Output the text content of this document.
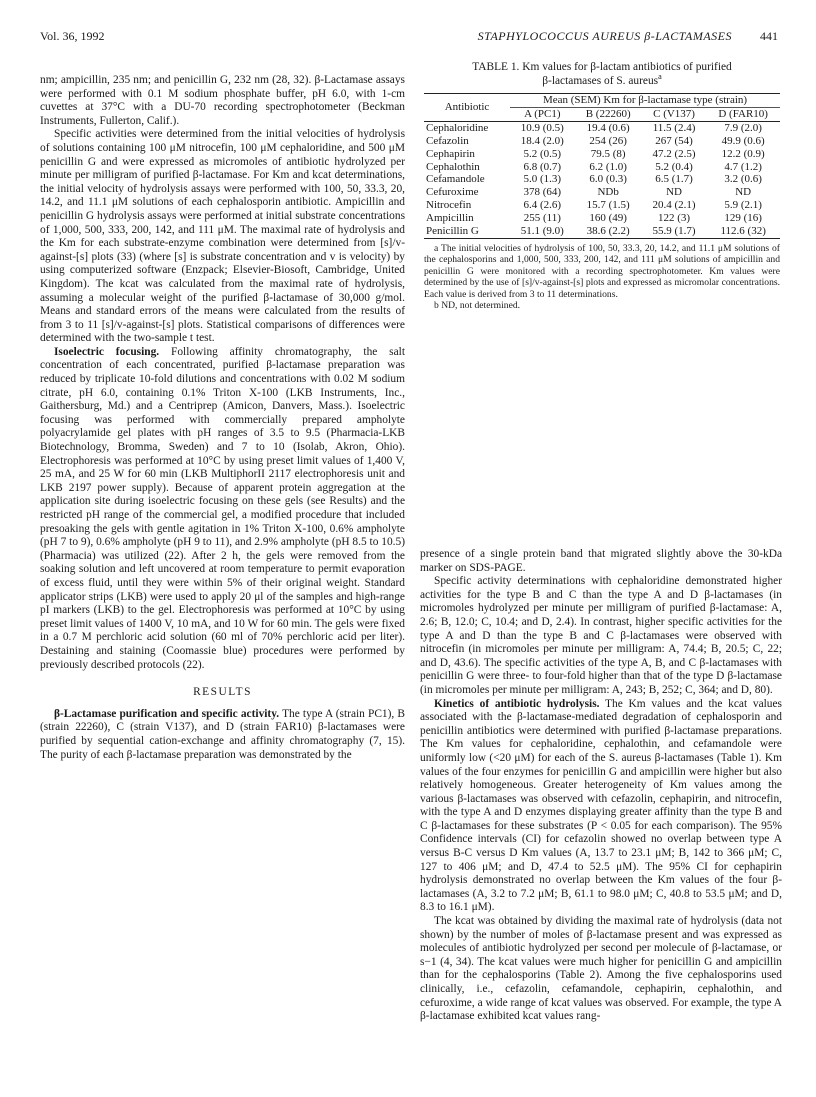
Vol. 36, 1992	STAPHYLOCOCCUS AUREUS β-LACTAMASES 441

nm; ampicillin, 235 nm; and penicillin G, 232 nm (28, 32). β-Lactamase assays were performed with 0.1 M sodium phosphate buffer, pH 6.0, with 1-cm cuvettes at 37°C with a DU-70 recording spectrophotometer (Beckman Instruments, Fullerton, Calif.).

Specific activities were determined from the initial velocities of hydrolysis of solutions containing 100 μM nitrocefin, 100 μM cephaloridine, and 500 μM penicillin G and were expressed as micromoles of antibiotic hydrolyzed per minute per milligram of purified β-lactamase. For Km and kcat determinations, the initial velocity of hydrolysis assays were performed with 100, 50, 33.3, 20, 14.2, and 11.1 μM solutions of each cephalosporin antibiotic. Ampicillin and penicillin G hydrolysis assays were performed at initial substrate concentrations of 1,000, 500, 333, 200, 142, and 111 μM. The maximal rate of hydrolysis and the Km for each substrate-enzyme combination were determined from [s]/v-against-[s] plots (33) (where [s] is substrate concentration and v is velocity) by using computerized software (Enzpack; Elsevier-Biosoft, Cambridge, United Kingdom). The kcat was calculated from the maximal rate of hydrolysis, assuming a molecular weight of the purified β-lactamase of 30,000 g/mol. Means and standard errors of the means were calculated from the results of from 3 to 11 [s]/v-against-[s] plots. Statistical comparisons of differences were determined with the two-sample t test.

Isoelectric focusing. Following affinity chromatography, the salt concentration of each concentrated, purified β-lactamase preparation was reduced by triplicate 10-fold dilutions and concentrations with 0.02 M sodium citrate, pH 6.0, containing 0.1% Triton X-100 (LKB Instruments, Inc., Gaithersburg, Md.) and a Centriprep (Amicon, Danvers, Mass.). Isoelectric focusing was performed with commercially prepared ampholyte polyacrylamide gel plates with pH ranges of 3.5 to 9.5 (Pharmacia-LKB Biotechnology, Bromma, Sweden) and 7 to 10 (Isolab, Akron, Ohio). Electrophoresis was performed at 10°C by using preset limit values of 1,400 V, 25 mA, and 25 W for 60 min (LKB MultiphorII 2117 electrophoresis unit and LKB 2197 power supply). Because of apparent protein aggregation at the application site during isoelectric focusing on these gels (see Results) and the restricted pH range of the commercial gel, a modified procedure that included presoaking the gels with gentle agitation in 1% Triton X-100, 0.6% ampholyte (pH 7 to 9), 0.6% ampholyte (pH 9 to 11), and 2.9% ampholyte (pH 8.5 to 10.5) (Pharmacia) was utilized (22). After 2 h, the gels were removed from the soaking solution and left uncovered at room temperature to permit evaporation of excess fluid, until they were within 5% of their original weight. Standard applicator strips (LKB) were used to apply 20 μl of the samples and high-range pI markers (LKB) to the gel. Electrophoresis was performed at 10°C by using preset limit values of 1400 V, 10 mA, and 10 W for 60 min. The gels were fixed in a 0.7 M perchloric acid solution (60 ml of 70% perchloric acid per liter). Destaining and staining (Coomassie blue) procedures were performed by previously described protocols (22).

RESULTS

β-Lactamase purification and specific activity. The type A (strain PC1), B (strain 22260), C (strain V137), and D (strain FAR10) β-lactamases were purified by sequential cation-exchange and affinity chromatography (7, 15). The purity of each β-lactamase preparation was demonstrated by the

TABLE 1. Km values for β-lactam antibiotics of purified
β-lactamases of S. aureus$^a$
Antibiotic	Mean (SEM) Km for β-lactamase type (strain)			
	A (PC1)	B (22260)	C (V137)	D (FAR10)
Cephaloridine	10.9 (0.5)	19.4 (0.6)	11.5 (2.4)	7.9 (2.0)
Cefazolin	18.4 (2.0)	254 (26)	267 (54)	49.9 (0.6)
Cephapirin	5.2 (0.5)	79.5 (8)	47.2 (2.5)	12.2 (0.9)
Cephalothin	6.8 (0.7)	6.2 (1.0)	5.2 (0.4)	4.7 (1.2)
Cefamandole	5.0 (1.3)	6.0 (0.3)	6.5 (1.7)	3.2 (0.6)
Cefuroxime	378 (64)	NDb	ND	ND
Nitrocefin	6.4 (2.6)	15.7 (1.5)	20.4 (2.1)	5.9 (2.1)
Ampicillin	255 (11)	160 (49)	122 (3)	129 (16)
Penicillin G	51.1 (9.0)	38.6 (2.2)	55.9 (1.7)	112.6 (32)

a The initial velocities of hydrolysis of 100, 50, 33.3, 20, 14.2, and 11.1 μM solutions of the cephalosporins and 1,000, 500, 333, 200, 142, and 111 μM solutions of ampicillin and penicillin G were monitored with a recording spectrophotometer. Km values were determined by the use of [s]/v-against-[s] plots and expressed as micromolar concentrations. Each value is derived from 3 to 11 determinations.

b ND, not determined.

presence of a single protein band that migrated slightly above the 30-kDa marker on SDS-PAGE.

Specific activity determinations with cephaloridine demonstrated higher activities for the type B and C than the type A and D β-lactamases (in micromoles hydrolyzed per minute per milligram of purified β-lactamase: A, 2.6; B, 12.0; C, 10.4; and D, 2.4). In contrast, higher specific activities for the type A and D than the type B and C β-lactamases were observed with nitrocefin (in micromoles per minute per milligram: A, 74.4; B, 20.5; C, 22; and D, 43.6). The specific activities of the type A, B, and C β-lactamases with penicillin G were three- to four-fold higher than that of the type D β-lactamase (in micromoles per minute per milligram: A, 243; B, 252; C, 364; and D, 80).

Kinetics of antibiotic hydrolysis. The Km values and the kcat values associated with the β-lactamase-mediated degradation of cephalosporin and penicillin antibiotics were determined with purified β-lactamase preparations. The Km values for cephaloridine, cephalothin, and cefamandole were uniformly low (<20 μM) for each of the S. aureus β-lactamases (Table 1). Km values of the four enzymes for penicillin G and ampicillin were higher but also relatively homogeneous. Greater heterogeneity of Km values among the various β-lactamases was observed with cefazolin, cephapirin, and nitrocefin, with the type A and D enzymes displaying greater affinity than the type B and C β-lactamases for these substrates (P < 0.05 for each comparison). The 95% Confidence intervals (CI) for cefazolin showed no overlap between type A versus B-C versus D Km values (A, 13.7 to 23.1 μM; B, 142 to 366 μM; C, 127 to 406 μM; and D, 47.4 to 52.5 μM). The 95% CI for cephapirin hydrolysis demonstrated no overlap between the Km values of the four β-lactamases (A, 3.2 to 7.2 μM; B, 61.1 to 98.0 μM; C, 40.8 to 53.5 μM; and D, 8.3 to 16.1 μM).

The kcat was obtained by dividing the maximal rate of hydrolysis (data not shown) by the number of moles of β-lactamase present and was expressed as molecules of antibiotic hydrolyzed per second per molecule of β-lactamase, or s−1 (4, 34). The kcat values were much higher for penicillin G and ampicillin than for the cephalosporins (Table 2). Among the five cephalosporins used clinically, i.e., cefazolin, cefamandole, cephapirin, cephalothin, and cefuroxime, a wide range of kcat values was observed. For example, the type A β-lactamase exhibited kcat values rang-
